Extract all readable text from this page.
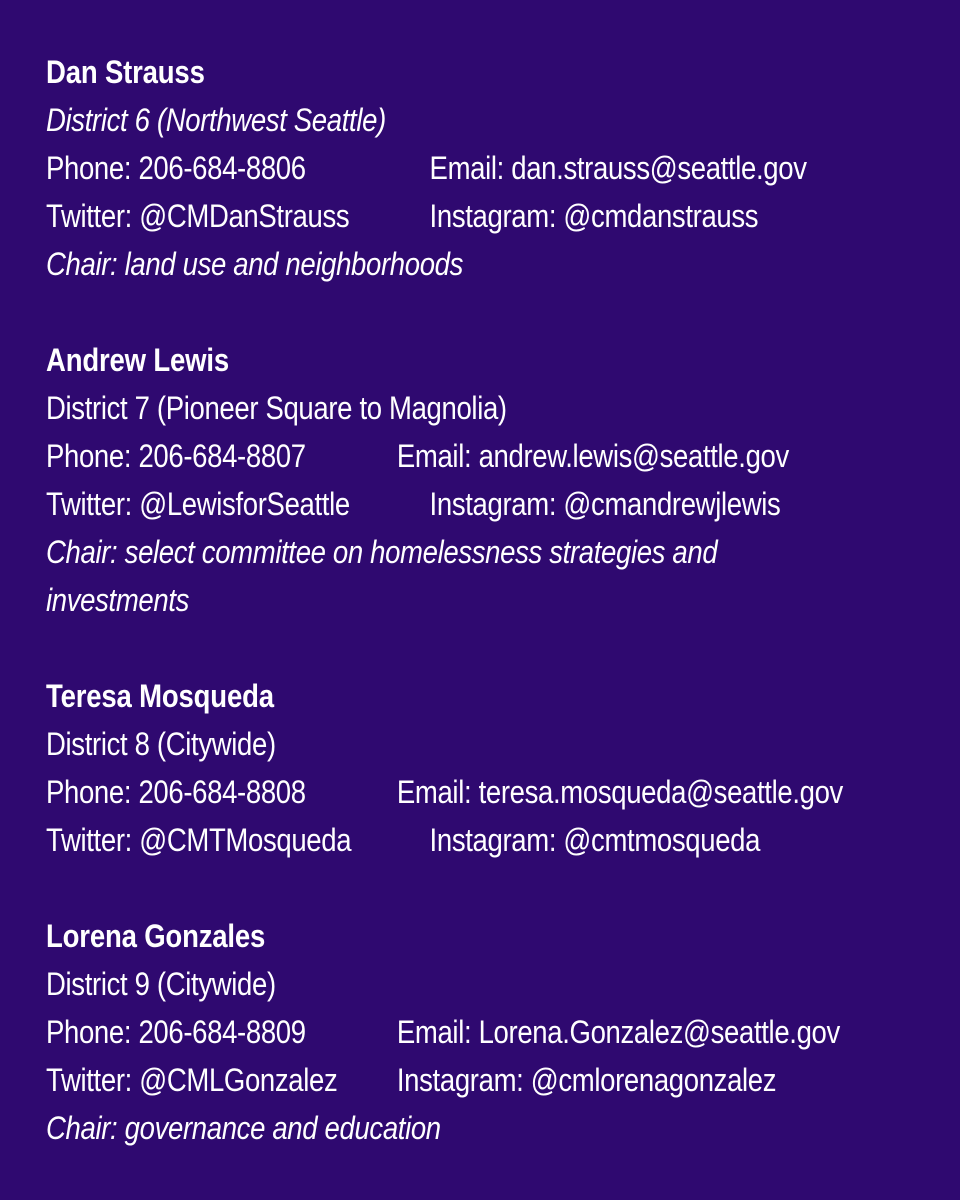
Dan Strauss
District 6 (Northwest Seattle)
Phone: 206-684-8806	Email: dan.strauss@seattle.gov
Twitter: @CMDanStrauss	Instagram: @cmdanstrauss
Chair: land use and neighborhoods
Andrew Lewis
District 7 (Pioneer Square to Magnolia)
Phone: 206-684-8807	Email: andrew.lewis@seattle.gov
Twitter: @LewisforSeattle Instagram: @cmandrewjlewis
Chair: select committee on homelessness strategies and investments
Teresa Mosqueda
District 8 (Citywide)
Phone: 206-684-8808	Email: teresa.mosqueda@seattle.gov
Twitter: @CMTMosqueda Instagram: @cmtmosqueda
Lorena Gonzales
District 9 (Citywide)
Phone: 206-684-8809	Email: Lorena.Gonzalez@seattle.gov
Twitter: @CMLGonzalez Instagram: @cmlorenagonzalez
Chair: governance and education
